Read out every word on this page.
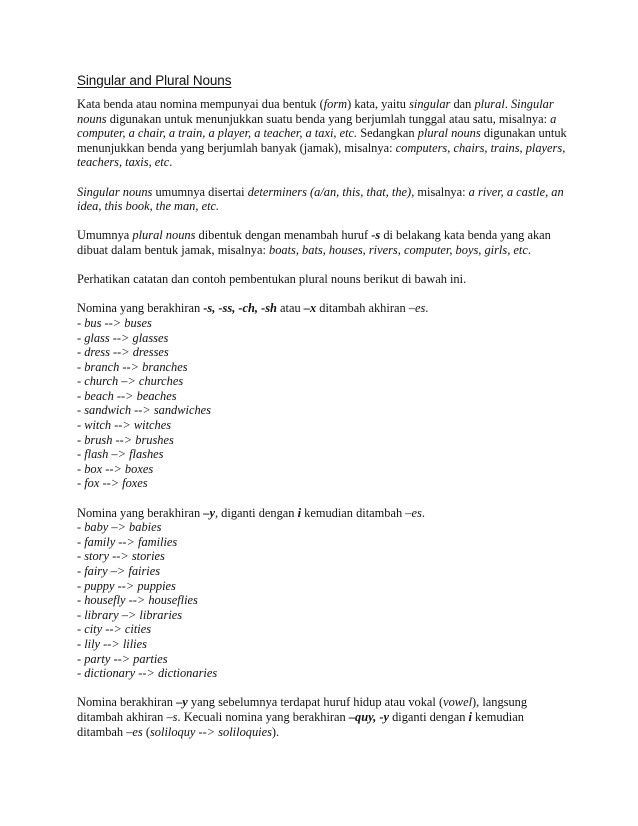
Singular and Plural Nouns

Kata benda atau nomina mempunyai dua bentuk (form) kata, yaitu singular dan plural. Singular nouns digunakan untuk menunjukkan suatu benda yang berjumlah tunggal atau satu, misalnya: a computer, a chair, a train, a player, a teacher, a taxi, etc. Sedangkan plural nouns digunakan untuk menunjukkan benda yang berjumlah banyak (jamak), misalnya: computers, chairs, trains, players, teachers, taxis, etc.

Singular nouns umumnya disertai determiners (a/an, this, that, the), misalnya: a river, a castle, an idea, this book, the man, etc.

Umumnya plural nouns dibentuk dengan menambah huruf -s di belakang kata benda yang akan dibuat dalam bentuk jamak, misalnya: boats, bats, houses, rivers, computer, boys, girls, etc.

Perhatikan catatan dan contoh pembentukan plural nouns berikut di bawah ini.

Nomina yang berakhiran -s, -ss, -ch, -sh atau –x ditambah akhiran –es.

- bus --> buses
- glass --> glasses
- dress --> dresses
- branch --> branches
- church –> churches
- beach --> beaches
- sandwich --> sandwiches
- witch --> witches
- brush --> brushes
- flash –> flashes
- box --> boxes
- fox --> foxes

Nomina yang berakhiran –y, diganti dengan i kemudian ditambah –es.

- baby –> babies
- family --> families
- story --> stories
- fairy –> fairies
- puppy --> puppies
- housefly --> houseflies
- library –> libraries
- city --> cities
- lily --> lilies
- party --> parties
- dictionary --> dictionaries

Nomina berakhiran –y yang sebelumnya terdapat huruf hidup atau vokal (vowel), langsung ditambah akhiran –s. Kecuali nomina yang berakhiran –quy, -y diganti dengan i kemudian ditambah –es (soliloquy --> soliloquies).
